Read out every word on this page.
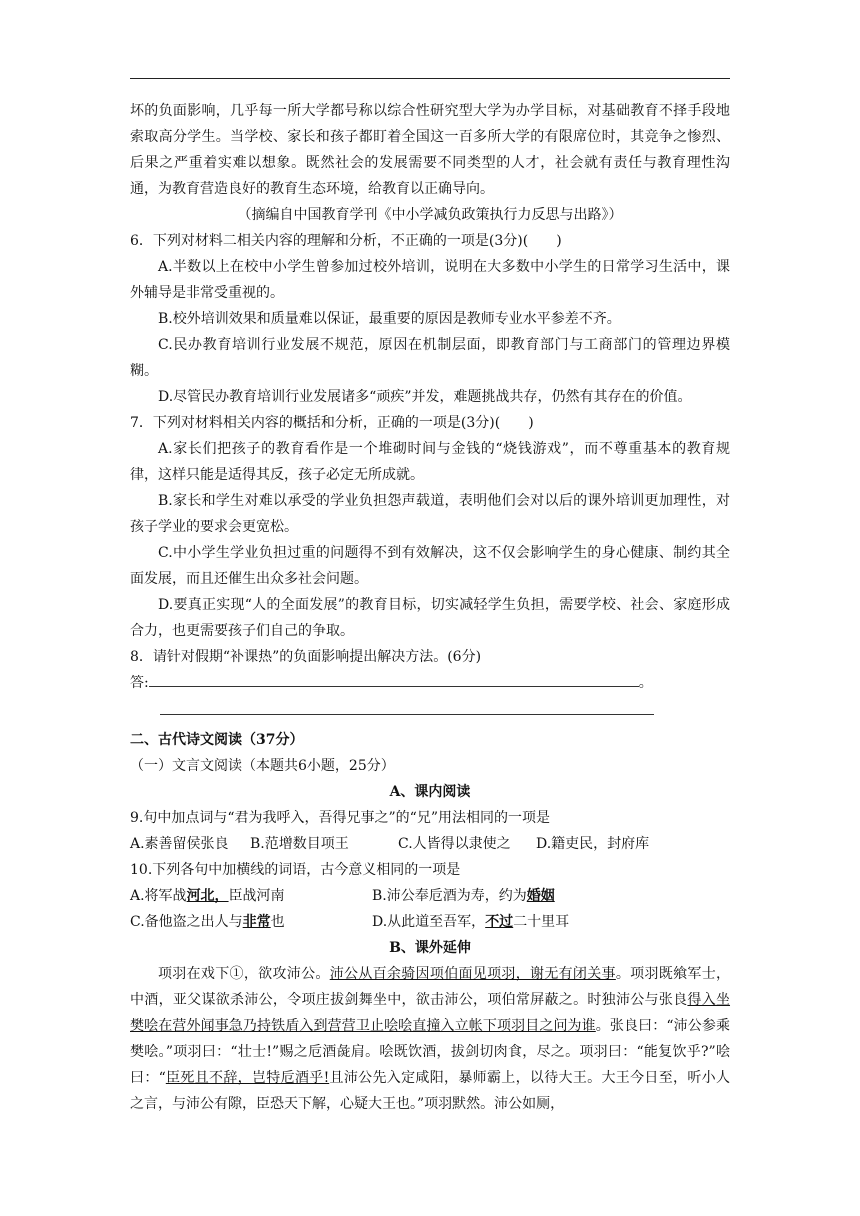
坏的负面影响，几乎每一所大学都号称以综合性研究型大学为办学目标，对基础教育不择手段地索取高分学生。当学校、家长和孩子都盯着全国这一百多所大学的有限席位时，其竞争之惨烈、后果之严重着实难以想象。既然社会的发展需要不同类型的人才，社会就有责任与教育理性沟通，为教育营造良好的教育生态环境，给教育以正确导向。

（摘编自中国教育学刊《中小学减负政策执行力反思与出路》）

6．下列对材料二相关内容的理解和分析，不正确的一项是(3分)(　　)

A.半数以上在校中小学生曾参加过校外培训，说明在大多数中小学生的日常学习生活中，课外辅导是非常受重视的。

B.校外培训效果和质量难以保证，最重要的原因是教师专业水平参差不齐。

C.民办教育培训行业发展不规范，原因在机制层面，即教育部门与工商部门的管理边界模糊。

D.尽管民办教育培训行业发展诸多“顽疾”并发，难题挑战共存，仍然有其存在的价值。

7．下列对材料相关内容的概括和分析，正确的一项是(3分)(　　)

A.家长们把孩子的教育看作是一个堆砌时间与金钱的“烧钱游戏”，而不尊重基本的教育规律，这样只能是适得其反，孩子必定无所成就。

B.家长和学生对难以承受的学业负担怨声载道，表明他们会对以后的课外培训更加理性，对孩子学业的要求会更宽松。

C.中小学生学业负担过重的问题得不到有效解决，这不仅会影响学生的身心健康、制约其全面发展，而且还催生出众多社会问题。

D.要真正实现“人的全面发展”的教育目标，切实减轻学生负担，需要学校、社会、家庭形成合力，也更需要孩子们自己的争取。

8．请针对假期“补课热”的负面影响提出解决方法。(6分)

答:	。

二、古代诗文阅读（37分）

（一）文言文阅读（本题共6小题，25分）

A、课内阅读

9.句中加点词与“君为我呼入，吾得兄事之”的“兄”用法相同的一项是

A.素善留侯张良	B.范增数目项王	C.人皆得以隶使之	D.籍吏民，封府库

10.下列各句中加横线的词语，古今意义相同的一项是

A.将军战河北，臣战河南	B.沛公奉卮酒为寿，约为婚姻
C.备他盗之出人与非常也	D.从此道至吾军，不过二十里耳

B、课外延伸

项羽在戏下①，欲攻沛公。沛公从百余骑因项伯面见项羽，谢无有闭关事。项羽既飨军士，中酒，亚父谋欲杀沛公，令项庄拔剑舞坐中，欲击沛公，项伯常屏蔽之。时独沛公与张良得入坐樊哙在营外闻事急乃持铁盾入到营营卫止哙哙直撞入立帐下项羽目之问为谁。张良曰：“沛公参乘樊哙。”项羽曰：“壮士!”赐之卮酒彘肩。哙既饮酒，拔剑切肉食，尽之。项羽曰：“能复饮乎?”哙曰：“臣死且不辞，岂特卮酒乎!且沛公先入定咸阳，暴师霸上，以待大王。大王今日至，听小人之言，与沛公有隙，臣恐天下解，心疑大王也。”项羽默然。沛公如厕，
